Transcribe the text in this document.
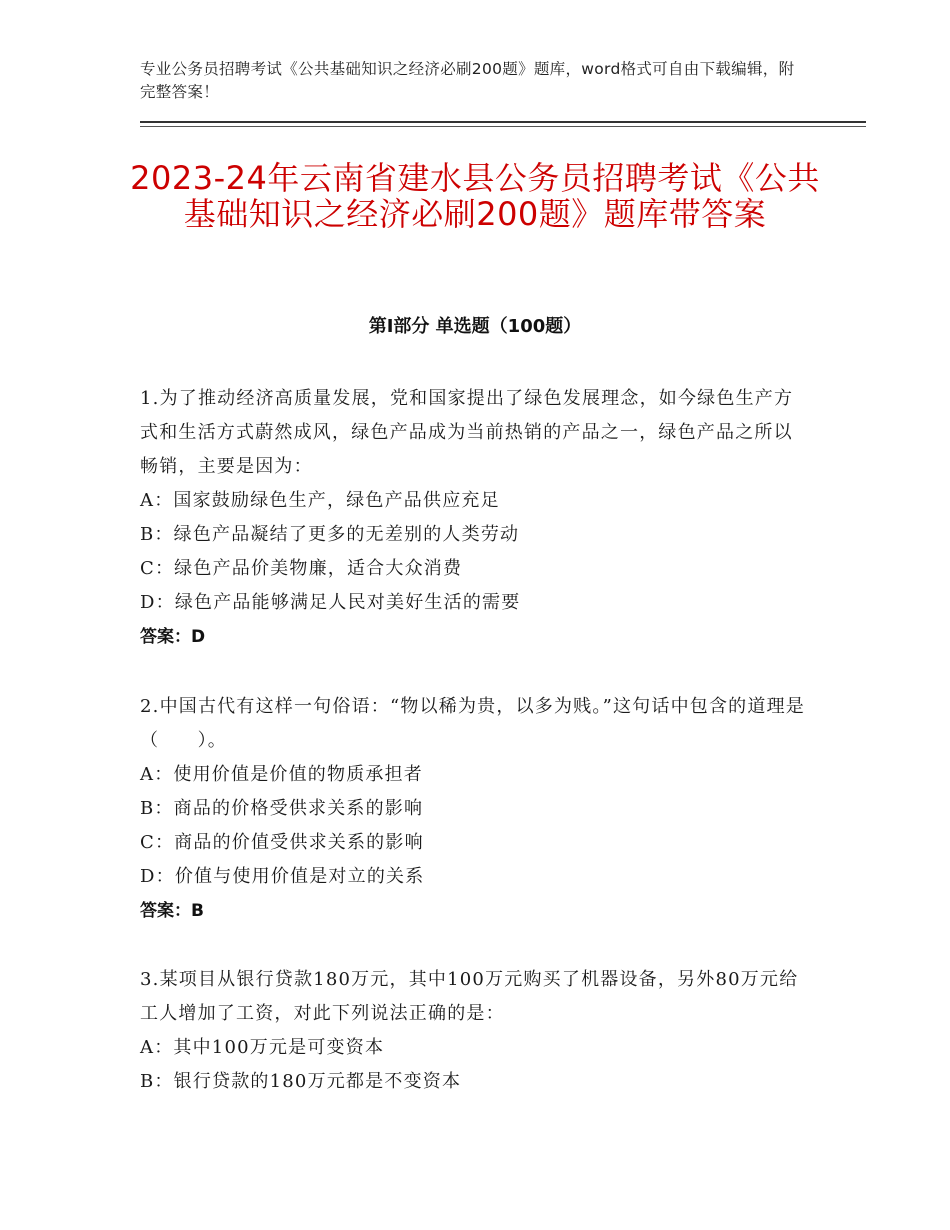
专业公务员招聘考试《公共基础知识之经济必刷200题》题库，word格式可自由下载编辑，附完整答案！
2023-24年云南省建水县公务员招聘考试《公共基础知识之经济必刷200题》题库带答案
第Ⅰ部分 单选题（100题）

1.为了推动经济高质量发展，党和国家提出了绿色发展理念，如今绿色生产方式和生活方式蔚然成风，绿色产品成为当前热销的产品之一，绿色产品之所以畅销，主要是因为：

A：国家鼓励绿色生产，绿色产品供应充足

B：绿色产品凝结了更多的无差别的人类劳动

C：绿色产品价美物廉，适合大众消费

D：绿色产品能够满足人民对美好生活的需要

答案：D

2.中国古代有这样一句俗语：“物以稀为贵，以多为贱。”这句话中包含的道理是（　　）。

A：使用价值是价值的物质承担者

B：商品的价格受供求关系的影响

C：商品的价值受供求关系的影响

D：价值与使用价值是对立的关系

答案：B

3.某项目从银行贷款180万元，其中100万元购买了机器设备，另外80万元给工人增加了工资，对此下列说法正确的是：

A：其中100万元是可变资本

B：银行贷款的180万元都是不变资本
